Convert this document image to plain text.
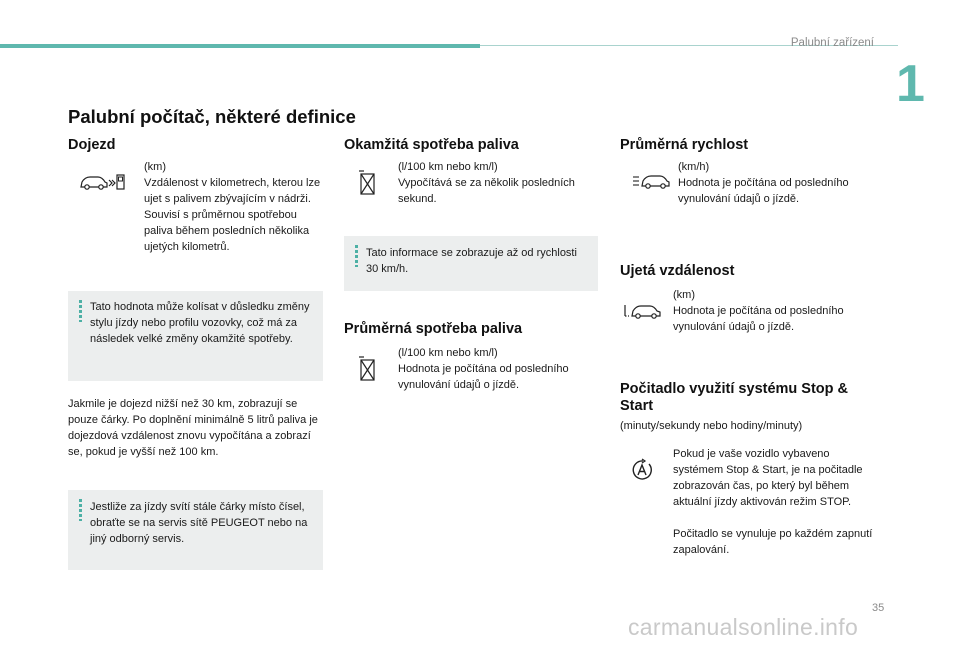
Palubní zařízení
1
Palubní počítač, některé definice
Dojezd

(km)

Vzdálenost v kilometrech, kterou lze ujet s palivem zbývajícím v nádrži. Souvisí s průměrnou spotřebou paliva během posledních několika ujetých kilometrů.

Tato hodnota může kolísat v důsledku změny stylu jízdy nebo profilu vozovky, což má za následek velké změny okamžité spotřeby.

Jakmile je dojezd nižší než 30 km, zobrazují se pouze čárky. Po doplnění minimálně 5 litrů paliva je dojezdová vzdálenost znovu vypočítána a zobrazí se, pokud je vyšší než 100 km.

Jestliže za jízdy svítí stále čárky místo čísel, obraťte se na servis sítě PEUGEOT nebo na jiný odborný servis.

Okamžitá spotřeba paliva

(l/100 km nebo km/l)

Vypočítává se za několik posledních sekund.

Tato informace se zobrazuje až od rychlosti 30 km/h.

Průměrná spotřeba paliva

(l/100 km nebo km/l)

Hodnota je počítána od posledního vynulování údajů o jízdě.

Průměrná rychlost

(km/h)

Hodnota je počítána od posledního vynulování údajů o jízdě.

Ujetá vzdálenost

(km)

Hodnota je počítána od posledního vynulování údajů o jízdě.

Počitadlo využití systému Stop & Start

(minuty/sekundy nebo hodiny/minuty)

Pokud je vaše vozidlo vybaveno systémem Stop & Start, je na počitadle zobrazován čas, po který byl během aktuální jízdy aktivován režim STOP.

Počitadlo se vynuluje po každém zapnutí zapalování.

35
carmanualsonline.info
